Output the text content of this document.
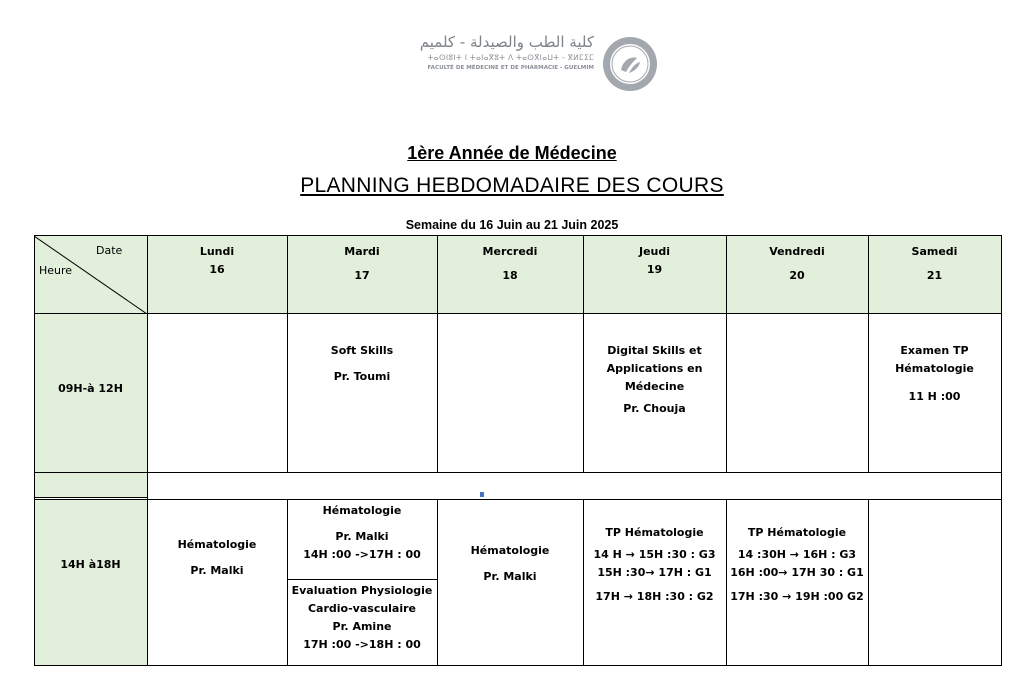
كلية الطب والصيدلة - كلميم
ⵜⴰⵙⵏⵓⵏⵜ ⵏ ⵜⴰⵏⴰⴳⵓⵜ ⴷ ⵜⴰⵙⴳⵏⴰⵡⵜ - ⴳⵍⵎⵉⵎ
FACULTÉ DE MÉDECINE ET DE PHARMACIE - GUELMIM
1ère Année de Médecine
PLANNING HEBDOMADAIRE DES COURS
Semaine du 16 Juin au 21 Juin 2025
Date
Heure
Lundi
16
Mardi
17
Mercredi
18
Jeudi
19
Vendredi
20
Samedi
21
09H-à 12H
14H à18H
Soft Skills
Pr. Toumi
Digital Skills et
Applications en
Médecine
Pr. Chouja
Examen TP
Hématologie
11 H :00
Hématologie
Pr. Malki
Hématologie
Pr. Malki
14H :00 ->17H : 00
Evaluation Physiologie
Cardio-vasculaire
Pr. Amine
17H :00 ->18H : 00
Hématologie
Pr. Malki
TP Hématologie
14 H → 15H :30 : G3
15H :30→ 17H : G1
17H → 18H :30 : G2
TP Hématologie
14 :30H → 16H : G3
16H :00→ 17H 30 : G1
17H :30 → 19H :00 G2
